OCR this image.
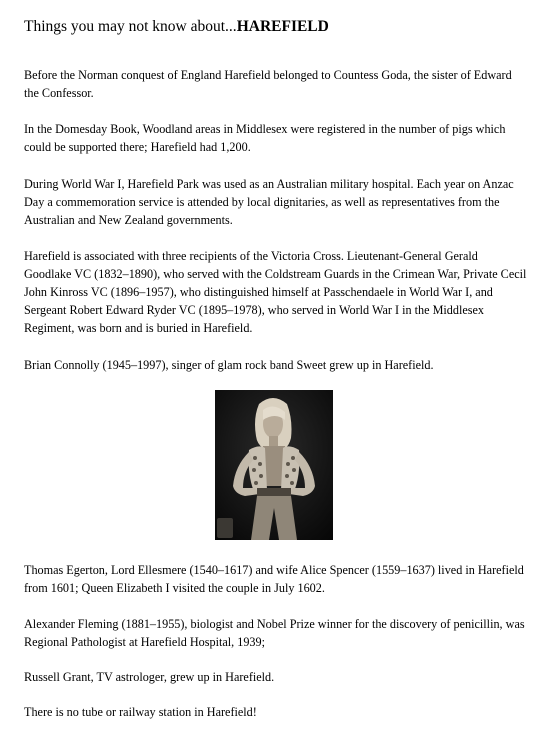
Things you may not know about...HAREFIELD

Before the Norman conquest of England Harefield belonged to Countess Goda, the sister of Edward the Confessor.

In the Domesday Book, Woodland areas in Middlesex were registered in the number of pigs which could be supported there; Harefield had 1,200.

During World War I, Harefield Park was used as an Australian military hospital. Each year on Anzac Day a commemoration service is attended by local dignitaries, as well as representatives from the Australian and New Zealand governments.

Harefield is associated with three recipients of the Victoria Cross. Lieutenant-General Gerald Goodlake VC (1832–1890), who served with the Coldstream Guards in the Crimean War, Private Cecil John Kinross VC (1896–1957), who distinguished himself at Passchendaele in World War I, and Sergeant Robert Edward Ryder VC (1895–1978), who served in World War I in the Middlesex Regiment, was born and is buried in Harefield.

Brian Connolly (1945–1997), singer of glam rock band Sweet grew up in Harefield.

Thomas Egerton, Lord Ellesmere (1540–1617) and wife Alice Spencer (1559–1637) lived in Harefield from 1601; Queen Elizabeth I visited the couple in July 1602.

Alexander Fleming (1881–1955), biologist and Nobel Prize winner for the discovery of penicillin, was Regional Pathologist at Harefield Hospital, 1939;

Russell Grant, TV astrologer, grew up in Harefield.

There is no tube or railway station in Harefield!
